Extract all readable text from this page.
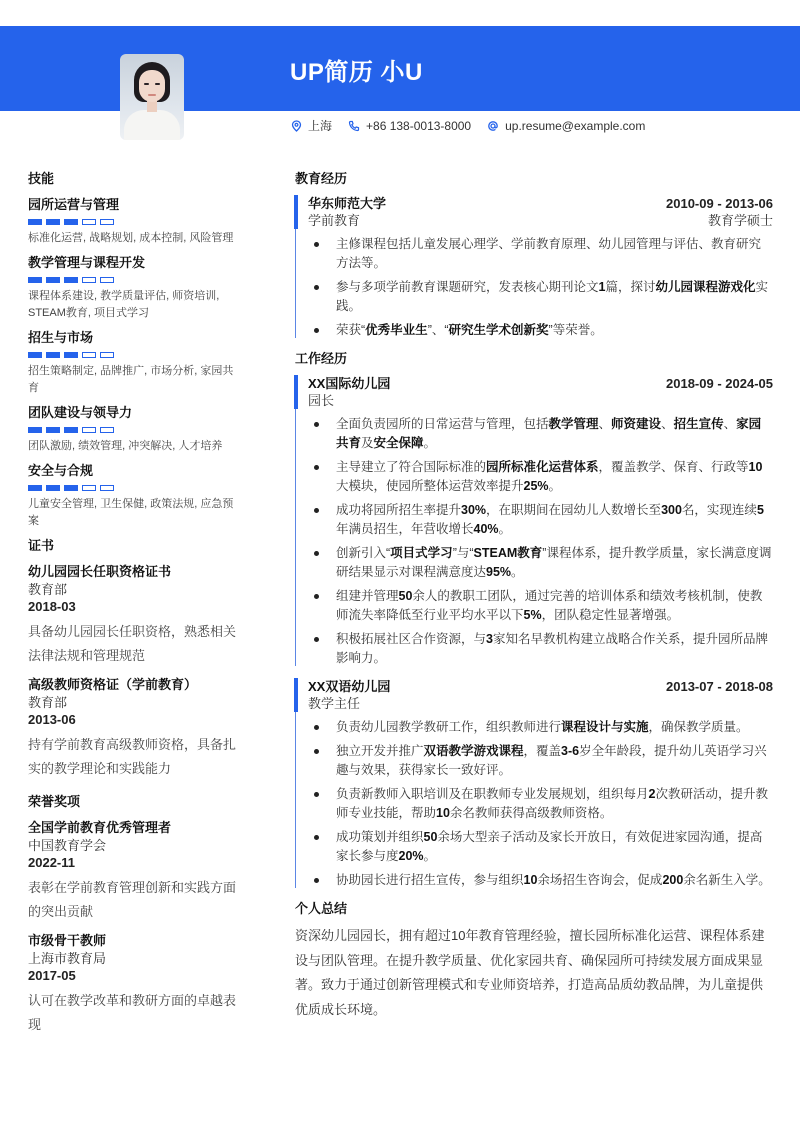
UP简历 小U
上海	+86 138-0013-8000	up.resume@example.com
技能
园所运营与管理
标准化运营, 战略规划, 成本控制, 风险管理
教学管理与课程开发
课程体系建设, 教学质量评估, 师资培训, STEAM教育, 项目式学习
招生与市场
招生策略制定, 品牌推广, 市场分析, 家园共育
团队建设与领导力
团队激励, 绩效管理, 冲突解决, 人才培养
安全与合规
儿童安全管理, 卫生保健, 政策法规, 应急预案
证书
幼儿园园长任职资格证书
教育部
2018-03
具备幼儿园园长任职资格，熟悉相关法律法规和管理规范
高级教师资格证（学前教育）
教育部
2013-06
持有学前教育高级教师资格，具备扎实的教学理论和实践能力
荣誉奖项
全国学前教育优秀管理者
中国教育学会
2022-11
表彰在学前教育管理创新和实践方面的突出贡献
市级骨干教师
上海市教育局
2017-05
认可在教学改革和教研方面的卓越表现
教育经历
华东师范大学	2010-09 - 2013-06
学前教育	教育学硕士
主修课程包括儿童发展心理学、学前教育原理、幼儿园管理与评估、教育研究方法等。
参与多项学前教育课题研究，发表核心期刊论文1篇，探讨幼儿园课程游戏化实践。
荣获“优秀毕业生”、“研究生学术创新奖”等荣誉。
工作经历
XX国际幼儿园	2018-09 - 2024-05
园长
全面负责园所的日常运营与管理，包括教学管理、师资建设、招生宣传、家园共育及安全保障。
主导建立了符合国际标准的园所标准化运营体系，覆盖教学、保育、行政等10大模块，使园所整体运营效率提升25%。
成功将园所招生率提升30%，在职期间在园幼儿人数增长至300名，实现连续5年满员招生，年营收增长40%。
创新引入“项目式学习”与“STEAM教育”课程体系，提升教学质量，家长满意度调研结果显示对课程满意度达95%。
组建并管理50余人的教职工团队，通过完善的培训体系和绩效考核机制，使教师流失率降低至行业平均水平以下5%，团队稳定性显著增强。
积极拓展社区合作资源，与3家知名早教机构建立战略合作关系，提升园所品牌影响力。
XX双语幼儿园	2013-07 - 2018-08
教学主任
负责幼儿园教学教研工作，组织教师进行课程设计与实施，确保教学质量。
独立开发并推广双语教学游戏课程，覆盖3-6岁全年龄段，提升幼儿英语学习兴趣与效果，获得家长一致好评。
负责新教师入职培训及在职教师专业发展规划，组织每月2次教研活动，提升教师专业技能，帮助10余名教师获得高级教师资格。
成功策划并组织50余场大型亲子活动及家长开放日，有效促进家园沟通，提高家长参与度20%。
协助园长进行招生宣传，参与组织10余场招生咨询会，促成200余名新生入学。
个人总结
资深幼儿园园长，拥有超过10年教育管理经验，擅长园所标准化运营、课程体系建设与团队管理。在提升教学质量、优化家园共育、确保园所可持续发展方面成果显著。致力于通过创新管理模式和专业师资培养，打造高品质幼教品牌，为儿童提供优质成长环境。
